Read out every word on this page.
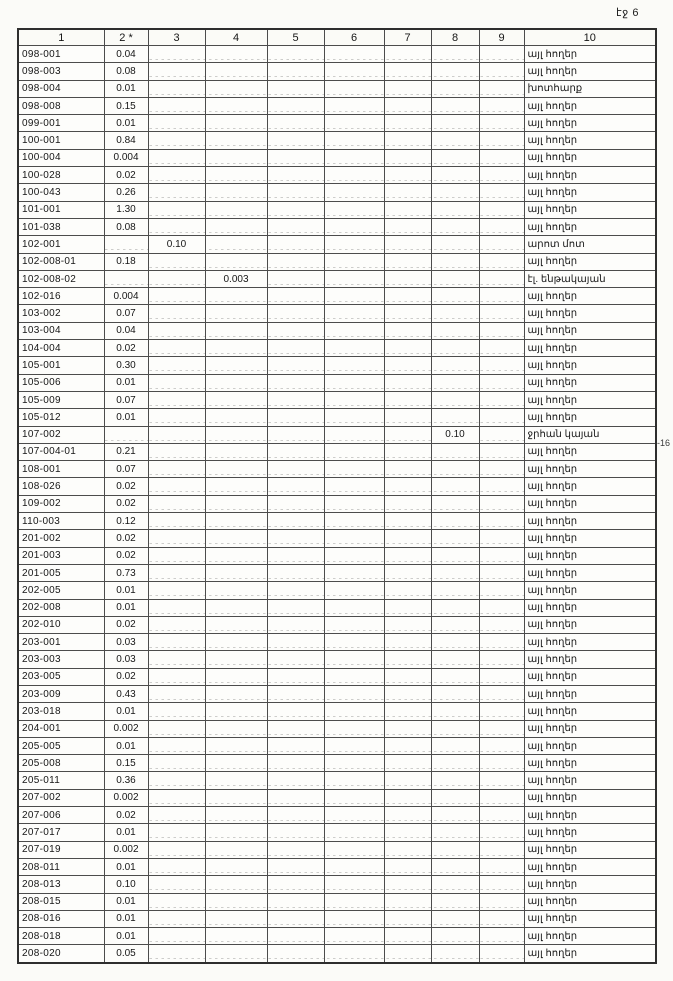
էջ 6
1	2 *	3	4	5	6	7	8	9	10
098-001	0.04								այլ հողեր
098-003	0.08								այլ հողեր
098-004	0.01								խոտհարք
098-008	0.15								այլ հողեր
099-001	0.01								այլ հողեր
100-001	0.84								այլ հողեր
100-004	0.004								այլ հողեր
100-028	0.02								այլ հողեր
100-043	0.26								այլ հողեր
101-001	1.30								այլ հողեր
101-038	0.08								այլ հողեր
102-001		0.10							արոտ մոտ
102-008-01	0.18								այլ հողեր
102-008-02			0.003						էլ. ենթակայան
102-016	0.004								այլ հողեր
103-002	0.07								այլ հողեր
103-004	0.04								այլ հողեր
104-004	0.02								այլ հողեր
105-001	0.30								այլ հողեր
105-006	0.01								այլ հողեր
105-009	0.07								այլ հողեր
105-012	0.01								այլ հողեր
107-002							0.10		ջրհան կայան
107-004-01	0.21								այլ հողեր
108-001	0.07								այլ հողեր
108-026	0.02								այլ հողեր
109-002	0.02								այլ հողեր
110-003	0.12								այլ հողեր
201-002	0.02								այլ հողեր
201-003	0.02								այլ հողեր
201-005	0.73								այլ հողեր
202-005	0.01								այլ հողեր
202-008	0.01								այլ հողեր
202-010	0.02								այլ հողեր
203-001	0.03								այլ հողեր
203-003	0.03								այլ հողեր
203-005	0.02								այլ հողեր
203-009	0.43								այլ հողեր
203-018	0.01								այլ հողեր
204-001	0.002								այլ հողեր
205-005	0.01								այլ հողեր
205-008	0.15								այլ հողեր
205-011	0.36								այլ հողեր
207-002	0.002								այլ հողեր
207-006	0.02								այլ հողեր
207-017	0.01								այլ հողեր
207-019	0.002								այլ հողեր
208-011	0.01								այլ հողեր
208-013	0.10								այլ հողեր
208-015	0.01								այլ հողեր
208-016	0.01								այլ հողեր
208-018	0.01								այլ հողեր
208-020	0.05								այլ հողեր
-16
